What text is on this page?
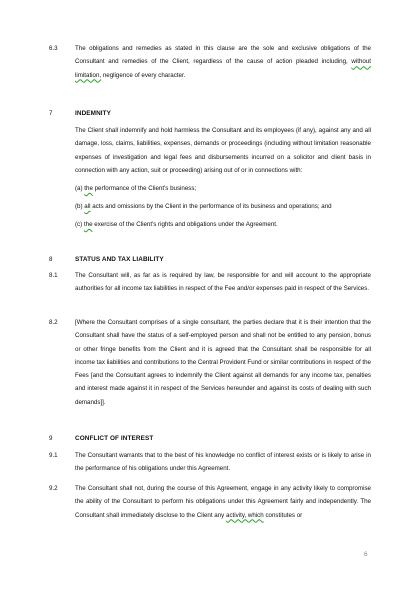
6.3	The obligations and remedies as stated in this clause are the sole and exclusive obligations of the Consultant and remedies of the Client, regardless of the cause of action pleaded including, without limitation, negligence of every character.
7	INDEMNITY
The Client shall indemnify and hold harmless the Consultant and its employees (if any), against any and all damage, loss, claims, liabilities, expenses, demands or proceedings (including without limitation reasonable expenses of investigation and legal fees and disbursements incurred on a solicitor and client basis in connection with any action, suit or proceeding) arising out of or in connections with:
(a) the performance of the Client's business;
(b) all acts and omissions by the Client in the performance of its business and operations; and
(c) the exercise of the Client's rights and obligations under the Agreement.
8	STATUS AND TAX LIABILITY
8.1	The Consultant will, as far as is required by law, be responsible for and will account to the appropriate authorities for all income tax liabilities in respect of the Fee and/or expenses paid in respect of the Services.
8.2	[Where the Consultant comprises of a single consultant, the parties declare that it is their intention that the Consultant shall have the status of a self-employed person and shall not be entitled to any pension, bonus or other fringe benefits from the Client and it is agreed that the Consultant shall be responsible for all income tax liabilities and contributions to the Central Provident Fund or similar contributions in respect of the Fees [and the Consultant agrees to indemnify the Client against all demands for any income tax, penalties and interest made against it in respect of the Services hereunder and against its costs of dealing with such demands]].
9	CONFLICT OF INTEREST
9.1	The Consultant warrants that to the best of his knowledge no conflict of interest exists or is likely to arise in the performance of his obligations under this Agreement.
9.2	The Consultant shall not, during the course of this Agreement, engage in any activity likely to compromise the ability of the Consultant to perform his obligations under this Agreement fairly and independently. The Consultant shall immediately disclose to the Client any activity, which constitutes or
6
